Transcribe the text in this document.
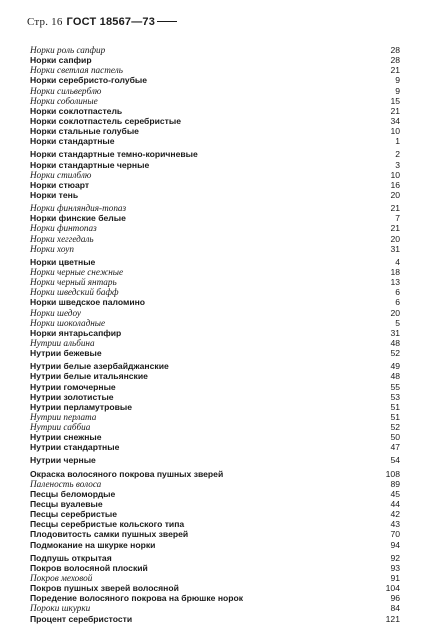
Стр. 16 ГОСТ 18567—73
Норки роль сапфир	28
Норки сапфир	28
Норки светлая пастель	21
Норки серебристо-голубые	9
Норки сильверблю	9
Норки соболиные	15
Норки соклотпастель	21
Норки соклотпастель серебристые	34
Норки стальные голубые	10
Норки стандартные	1
Норки стандартные темно-коричневые	2
Норки стандартные черные	3
Норки стилблю	10
Норки стюарт	16
Норки тень	20
Норки финляндия-топаз	21
Норки финские белые	7
Норки финтопаз	21
Норки хеггедаль	20
Норки хоуп	31
Норки цветные	4
Норки черные снежные	18
Норки черный янтарь	13
Норки шведский бафф	6
Норки шведское паломино	6
Норки шедоу	20
Норки шоколадные	5
Норки янтарьсапфир	31
Нутрии альбина	48
Нутрии бежевые	52
Нутрии белые азербайджанские	49
Нутрии белые итальянские	48
Нутрии гомочерные	55
Нутрии золотистые	53
Нутрии перламутровые	51
Нутрии перлата	51
Нутрии саббиа	52
Нутрии снежные	50
Нутрии стандартные	47
Нутрии черные	54
Окраска волосяного покрова пушных зверей	108
Паленость волоса	89
Песцы беломордые	45
Песцы вуалевые	44
Песцы серебристые	42
Песцы серебристые кольского типа	43
Плодовитость самки пушных зверей	70
Подмокание на шкурке норки	94
Подпушь открытая	92
Покров волосяной плоский	93
Покров меховой	91
Покров пушных зверей волосяной	104
Поредение волосяного покрова на брюшке норок	96
Пороки шкурки	84
Процент серебристости	121
